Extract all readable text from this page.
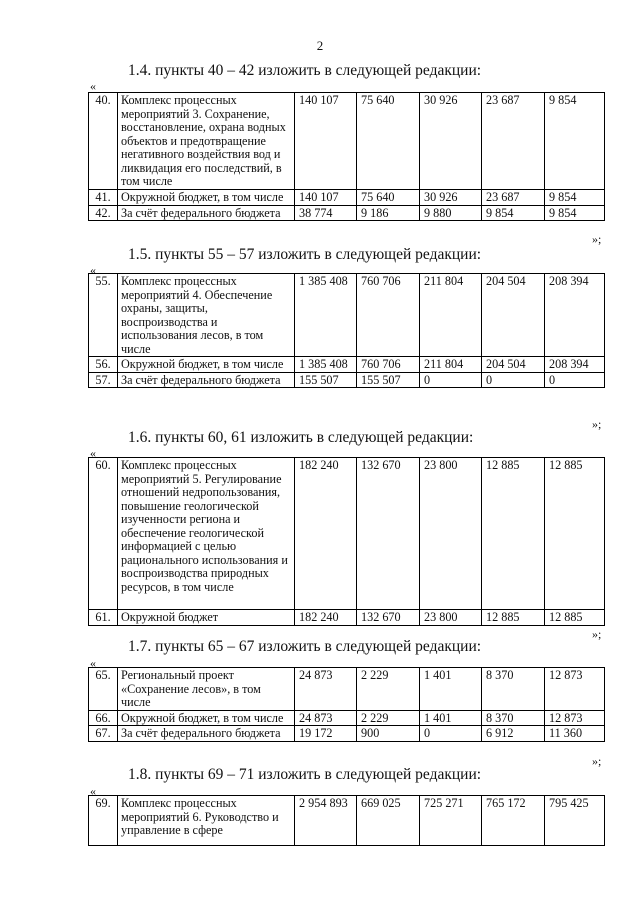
2
1.4. пункты 40 – 42 изложить в следующей редакции:
«
40.	Комплекс процессных мероприятий 3. Сохранение, восстановление, охрана водных объектов и предотвращение негативного воздействия вод и ликвидация его последствий, в том числе	140 107	75 640	30 926	23 687	9 854
41.	Окружной бюджет, в том числе	140 107	75 640	30 926	23 687	9 854
42.	За счёт федерального бюджета	38 774	9 186	9 880	9 854	9 854
»;
1.5. пункты 55 – 57 изложить в следующей редакции:
«
55.	Комплекс процессных мероприятий 4. Обеспечение охраны, защиты, воспроизводства и использования лесов, в том числе	1 385 408	760 706	211 804	204 504	208 394
56.	Окружной бюджет, в том числе	1 385 408	760 706	211 804	204 504	208 394
57.	За счёт федерального бюджета	155 507	155 507	0	0	0
»;
1.6. пункты 60, 61 изложить в следующей редакции:
«
60.	Комплекс процессных мероприятий 5. Регулирование отношений недропользования, повышение геологической изученности региона и обеспечение геологической информацией с целью рационального использования и воспроизводства природных ресурсов, в том числе	182 240	132 670	23 800	12 885	12 885
61.	Окружной бюджет	182 240	132 670	23 800	12 885	12 885
»;
1.7. пункты 65 – 67 изложить в следующей редакции:
«
65.	Региональный проект «Сохранение лесов», в том числе	24 873	2 229	1 401	8 370	12 873
66.	Окружной бюджет, в том числе	24 873	2 229	1 401	8 370	12 873
67.	За счёт федерального бюджета	19 172	900	0	6 912	11 360
»;
1.8. пункты 69 – 71 изложить в следующей редакции:
«
69.	Комплекс процессных мероприятий 6. Руководство и управление в сфере	2 954 893	669 025	725 271	765 172	795 425
